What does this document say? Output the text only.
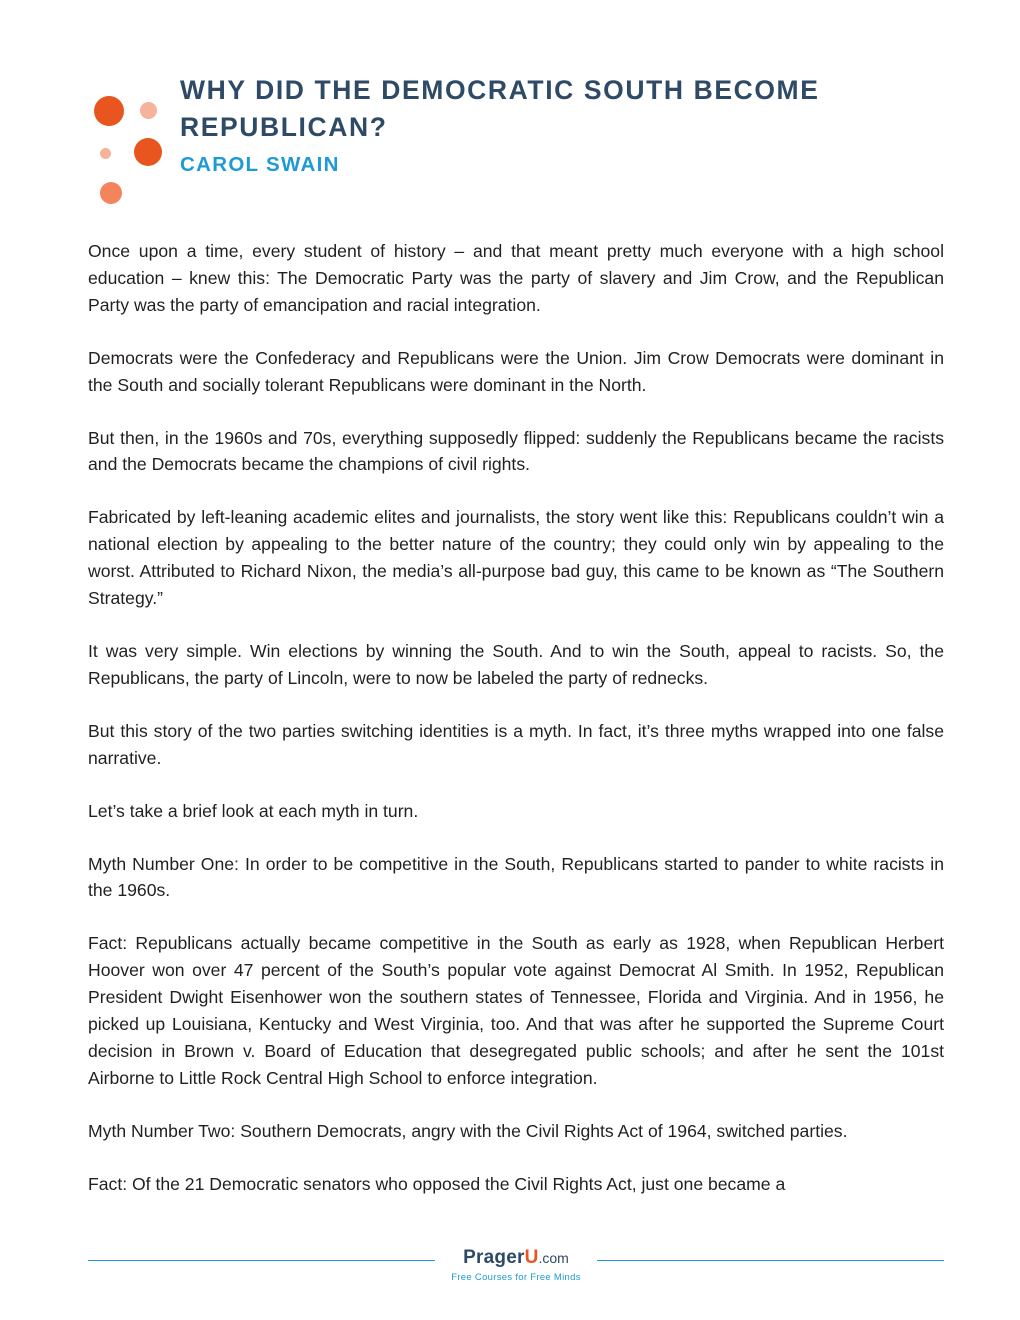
WHY DID THE DEMOCRATIC SOUTH BECOME REPUBLICAN?
CAROL SWAIN

Once upon a time, every student of history – and that meant pretty much everyone with a high school education – knew this: The Democratic Party was the party of slavery and Jim Crow, and the Republican Party was the party of emancipation and racial integration.

Democrats were the Confederacy and Republicans were the Union. Jim Crow Democrats were dominant in the South and socially tolerant Republicans were dominant in the North.

But then, in the 1960s and 70s, everything supposedly flipped: suddenly the Republicans became the racists and the Democrats became the champions of civil rights.

Fabricated by left-leaning academic elites and journalists, the story went like this: Republicans couldn’t win a national election by appealing to the better nature of the country; they could only win by appealing to the worst. Attributed to Richard Nixon, the media’s all-purpose bad guy, this came to be known as “The Southern Strategy.”

It was very simple. Win elections by winning the South. And to win the South, appeal to racists. So, the Republicans, the party of Lincoln, were to now be labeled the party of rednecks.

But this story of the two parties switching identities is a myth. In fact, it’s three myths wrapped into one false narrative.

Let’s take a brief look at each myth in turn.

Myth Number One: In order to be competitive in the South, Republicans started to pander to white racists in the 1960s.

Fact: Republicans actually became competitive in the South as early as 1928, when Republican Herbert Hoover won over 47 percent of the South’s popular vote against Democrat Al Smith. In 1952, Republican President Dwight Eisenhower won the southern states of Tennessee, Florida and Virginia. And in 1956, he picked up Louisiana, Kentucky and West Virginia, too. And that was after he supported the Supreme Court decision in Brown v. Board of Education that desegregated public schools; and after he sent the 101st Airborne to Little Rock Central High School to enforce integration.

Myth Number Two: Southern Democrats, angry with the Civil Rights Act of 1964, switched parties.

Fact: Of the 21 Democratic senators who opposed the Civil Rights Act, just one became a

PragerU.com
Free Courses for Free Minds
